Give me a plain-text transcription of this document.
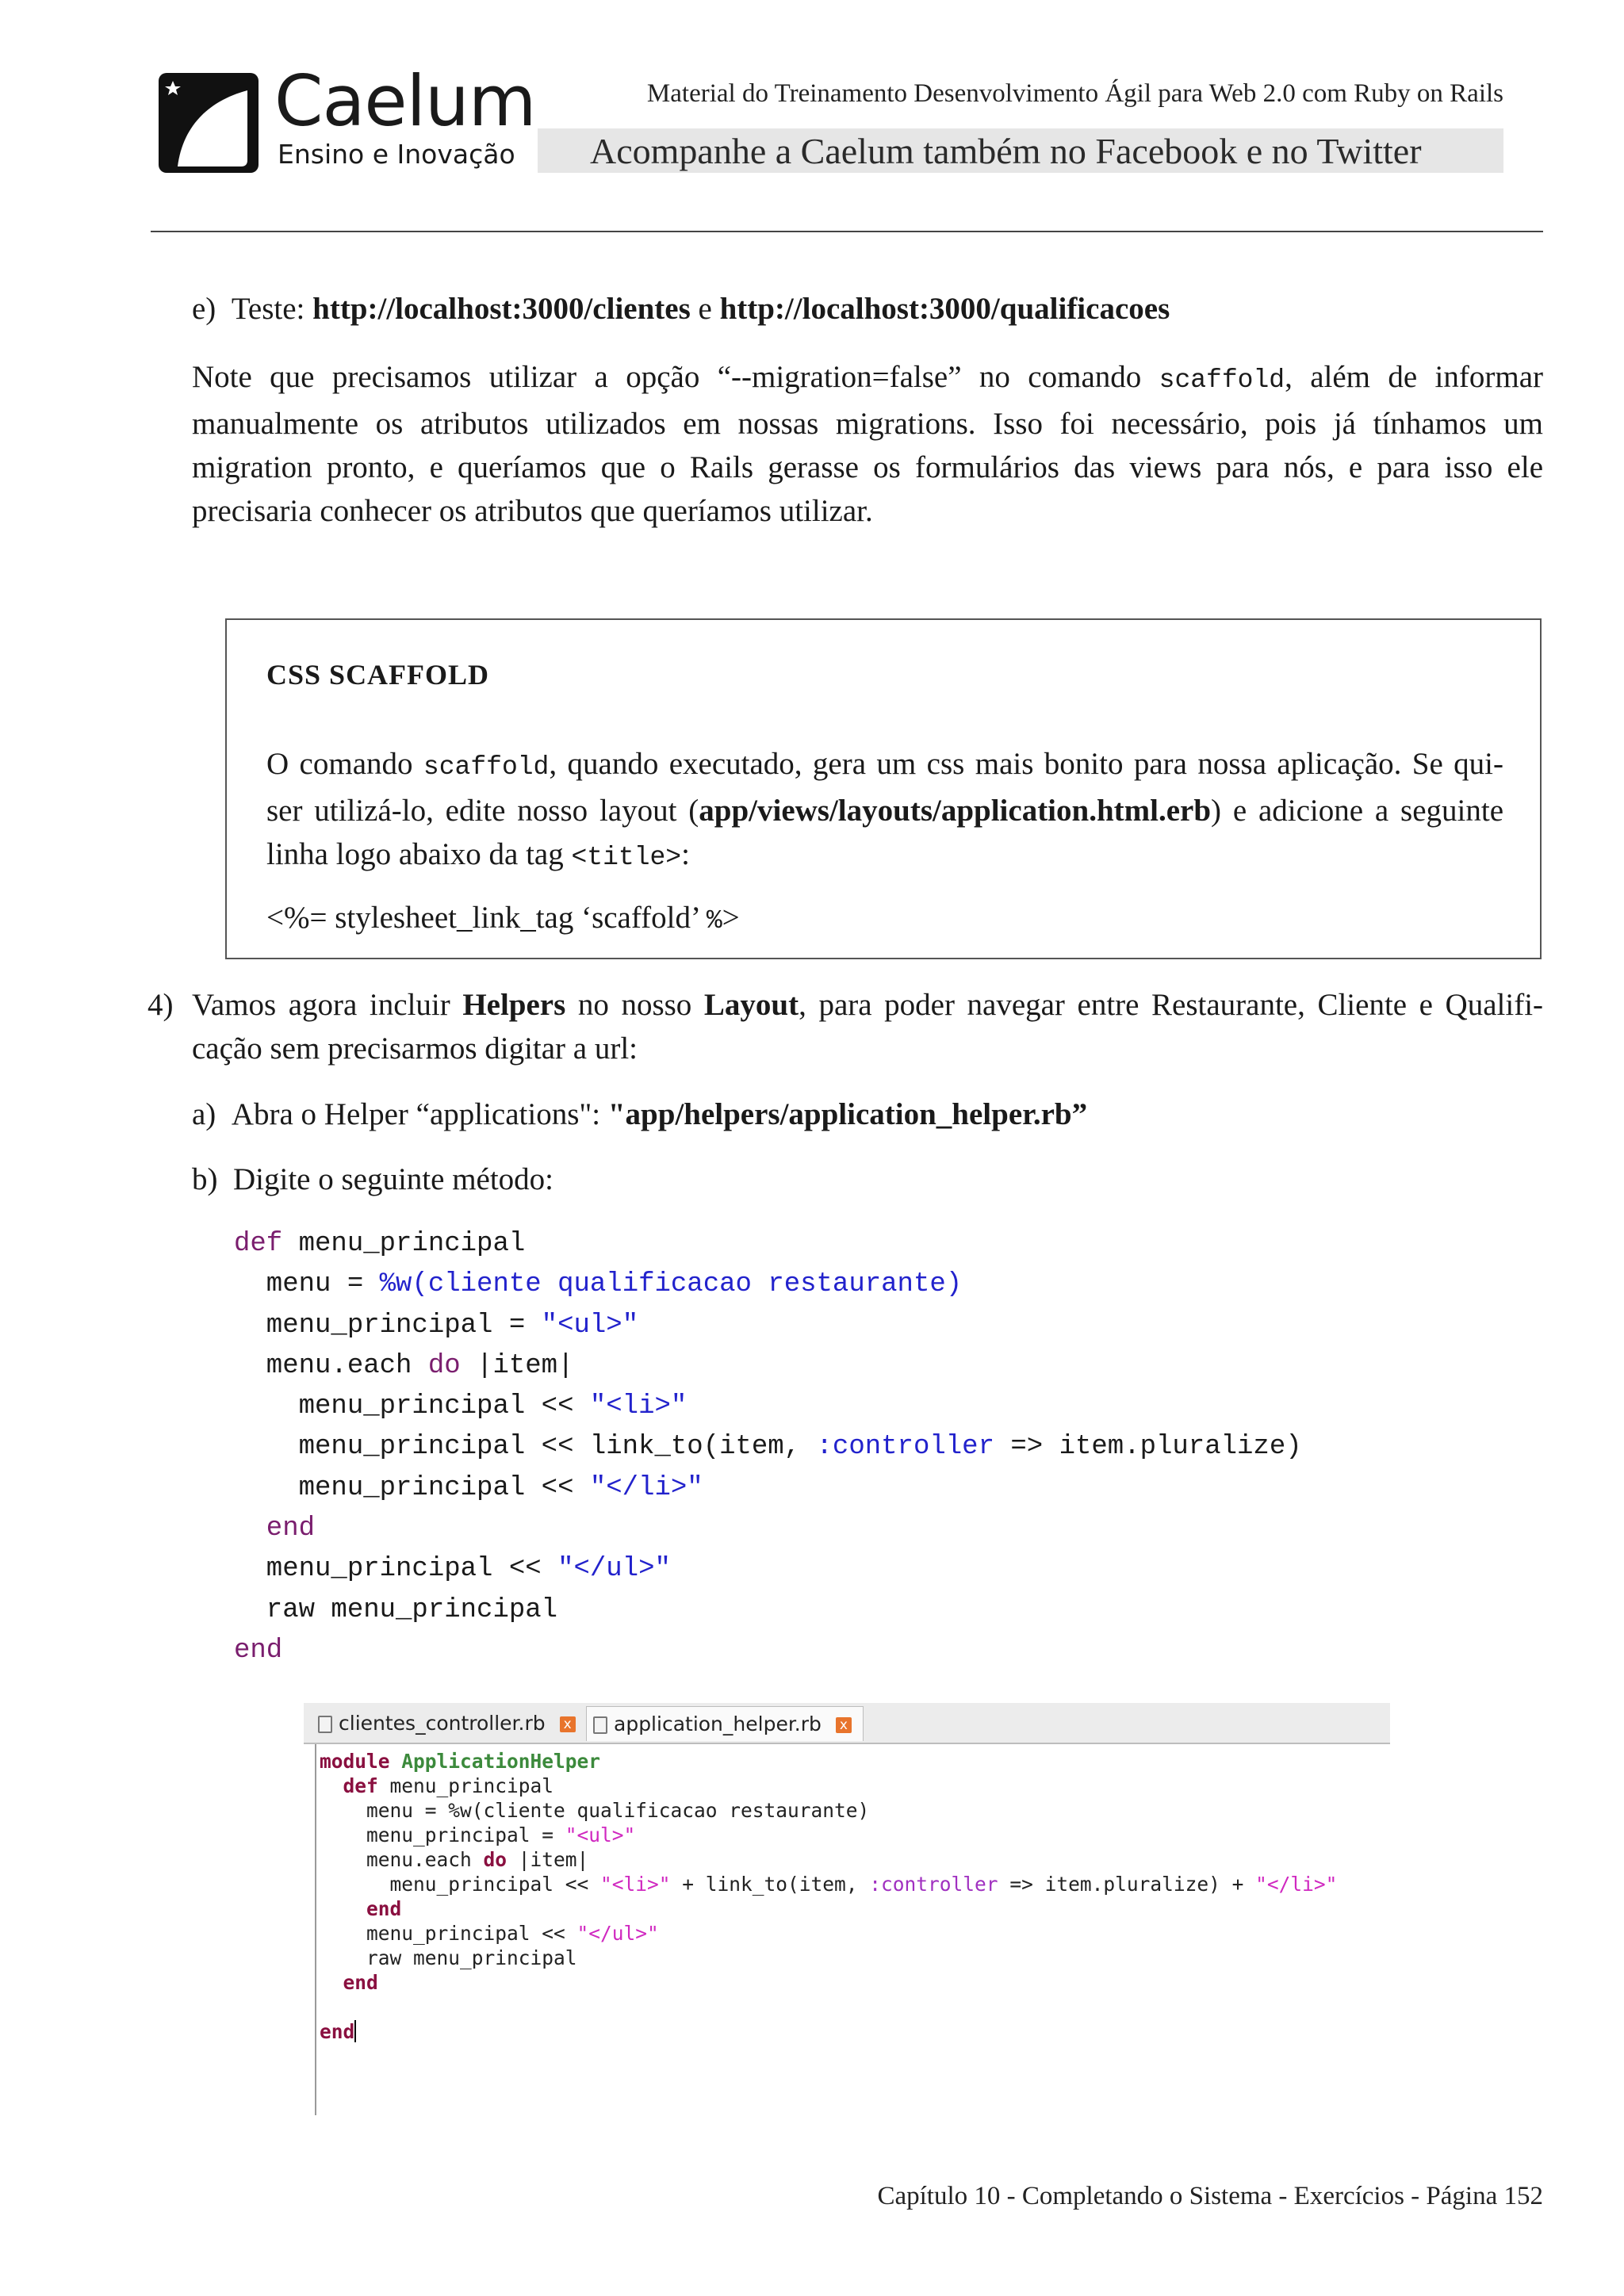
Caelum
Ensino e Inovação
Material do Treinamento Desenvolvimento Ágil para Web 2.0 com Ruby on Rails
Acompanhe a Caelum também no Facebook e no Twitter
e) Teste: http://localhost:3000/clientes e http://localhost:3000/qualificacoes
Note que precisamos utilizar a opção “--migration=false” no comando scaffold, além de informar
manualmente os atributos utilizados em nossas migrations. Isso foi necessário, pois já tínhamos um
migration pronto, e queríamos que o Rails gerasse os formulários das views para nós, e para isso ele
precisaria conhecer os atributos que queríamos utilizar.
CSS SCAFFOLD
O comando scaffold, quando executado, gera um css mais bonito para nossa aplicação. Se qui-
ser utilizá-lo, edite nosso layout (app/views/layouts/application.html.erb) e adicione a seguinte
linha logo abaixo da tag <title>:
<%= stylesheet_link_tag ‘scaffold’ %>
4) Vamos agora incluir Helpers no nosso Layout, para poder navegar entre Restaurante, Cliente e Qualifi-
cação sem precisarmos digitar a url:
a) Abra o Helper “applications": "app/helpers/application_helper.rb”
b) Digite o seguinte método:
def menu_principal
menu = %w(cliente qualificacao restaurante)
menu_principal = "<ul>"
menu.each do |item|
menu_principal << "<li>"
menu_principal << link_to(item, :controller => item.pluralize)
menu_principal << "</li>"
end
menu_principal << "</ul>"
raw menu_principal
end
clientes_controller.rb x	application_helper.rb x
module ApplicationHelper
def menu_principal
menu = %w(cliente qualificacao restaurante)
menu_principal = "<ul>"
menu.each do |item|
menu_principal << "<li>" + link_to(item, :controller => item.pluralize) + "</li>"
end
menu_principal << "</ul>"
raw menu_principal
end

end
Capítulo 10 - Completando o Sistema - Exercícios - Página 152
